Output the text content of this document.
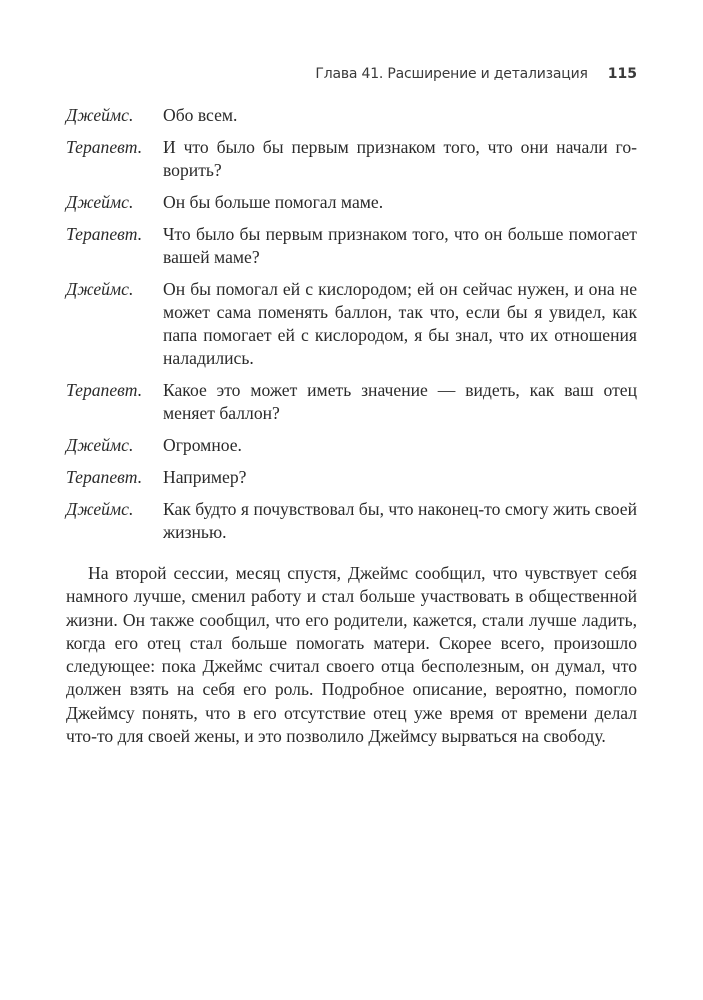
Глава 41. Расширение и детализация 115
Джеймс.	Обо всем.
Терапевт.	И что было бы первым признаком того, что они начали говорить?
Джеймс.	Он бы больше помогал маме.
Терапевт.	Что было бы первым признаком того, что он больше помогает вашей маме?
Джеймс.	Он бы помогал ей с кислородом; ей он сейчас нужен, и она не может сама поменять баллон, так что, если бы я увидел, как папа помогает ей с кислородом, я бы знал, что их отношения наладились.
Терапевт.	Какое это может иметь значение — видеть, как ваш отец меняет баллон?
Джеймс.	Огромное.
Терапевт.	Например?
Джеймс.	Как будто я почувствовал бы, что наконец-то смогу жить своей жизнью.

На второй сессии, месяц спустя, Джеймс сообщил, что чувствует себя намного лучше, сменил работу и стал больше участвовать в общественной жизни. Он также сообщил, что его родители, кажется, стали лучше ладить, когда его отец стал больше помогать матери. Скорее всего, произошло следующее: пока Джеймс считал своего отца бесполезным, он думал, что должен взять на себя его роль. Подробное описание, вероятно, помогло Джеймсу понять, что в его отсутствие отец уже время от времени делал что-то для своей жены, и это позволило Джеймсу вырваться на свободу.
